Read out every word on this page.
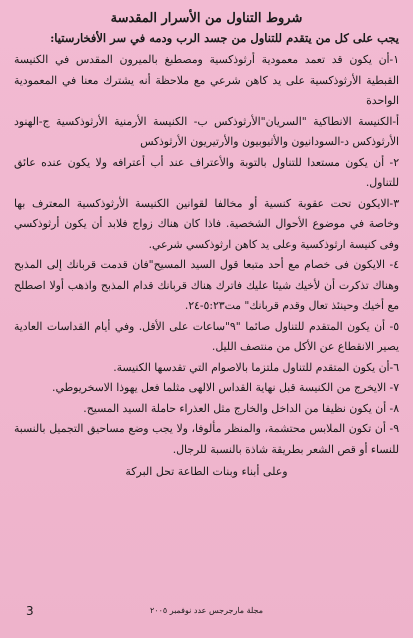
شروط التناول من الأسرار المقدسة

يجب على كل من يتقدم للتناول من جسد الرب ودمه في سر الأفخارستيا:

١-أن يكون قد تعمد معمودية أرثوذكسية ومصطبغ بالميرون المقدس في الكنيسة القبطية الأرثوذكسية على يد كاهن شرعي مع ملاحظة أنه يشترك معنا في المعمودية الواحدة

أ-الكنيسة الانطاكية "السريان"الأرثوذكس ب- الكنيسة الأرمنية الأرثوذكسية ج-الهنود الأرثوذكس د-السودانيون والأثيوبيون والأرتيريون الأرثوذكس

٢- أن يكون مستعدا للتناول بالتوبة والأعتراف عند أب أعترافه ولا يكون عنده عائق للتناول.

٣-الايكون تحت عقوبة كنسية أو مخالفا لقوانين الكنيسة الأرثوذكسية المعترف بها وخاصة في موضوع الأحوال الشخصية. فاذا كان هناك زواج فلابد أن يكون أرثوذكسي وفى كنيسة ارثوذكسية وعلى يد كاهن ارثوذكسي شرعي.

٤- الايكون فى خصام مع أحد متبعا قول السيد المسيح"فان قدمت قربانك إلى المذبح وهناك تذكرت أن لأخيك شيئا عليك فاترك هناك قربانك قدام المذبح واذهب أولا اصطلح مع أخيك وحينئذ تعال وقدم قربانك" مت٥:٢٣-٢٤.

٥- أن يكون المتقدم للتناول صائما "٩"ساعات على الأقل. وفي أيام القداسات العادية يصير الانقطاع عن الأكل من منتصف الليل.

٦-أن يكون المتقدم للتناول ملتزما بالاصوام التي تقدسها الكنيسة.

٧- الايخرج من الكنيسة قبل نهاية القداس الالهى مثلما فعل يهوذا الاسخريوطي.

٨- أن يكون نظيفا من الداخل والخارج مثل العذراء حاملة السيد المسيح.

٩- أن تكون الملابس محتشمة، والمنظر مألوفا، ولا يجب وضع مساحيق التجميل بالنسبة للنساء أو قص الشعر بطريقة شاذة بالنسبة للرجال.

وعلى أبناء وبنات الطاعة تحل البركة

3	مجلة مارجرجس عدد نوفمبر ٢٠٠٥
